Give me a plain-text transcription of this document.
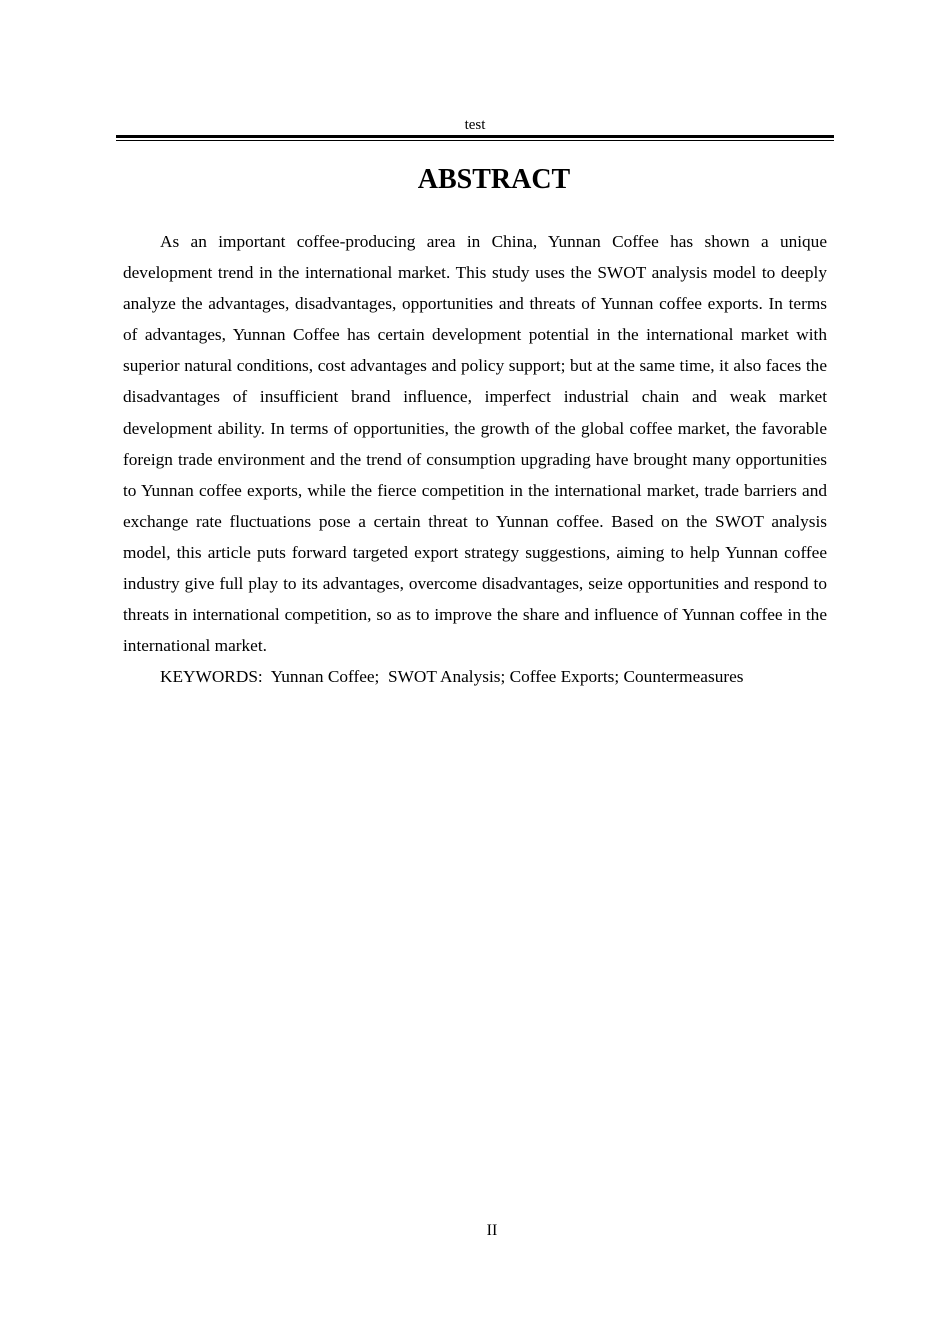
test
ABSTRACT

As an important coffee-producing area in China, Yunnan Coffee has shown a unique development trend in the international market. This study uses the SWOT analysis model to deeply analyze the advantages, disadvantages, opportunities and threats of Yunnan coffee exports. In terms of advantages, Yunnan Coffee has certain development potential in the international market with superior natural conditions, cost advantages and policy support; but at the same time, it also faces the disadvantages of insufficient brand influence, imperfect industrial chain and weak market development ability. In terms of opportunities, the growth of the global coffee market, the favorable foreign trade environment and the trend of consumption upgrading have brought many opportunities to Yunnan coffee exports, while the fierce competition in the international market, trade barriers and exchange rate fluctuations pose a certain threat to Yunnan coffee. Based on the SWOT analysis model, this article puts forward targeted export strategy suggestions, aiming to help Yunnan coffee industry give full play to its advantages, overcome disadvantages, seize opportunities and respond to threats in international competition, so as to improve the share and influence of Yunnan coffee in the international market.

KEYWORDS:  Yunnan Coffee;  SWOT Analysis; Coffee Exports; Countermeasures

II
